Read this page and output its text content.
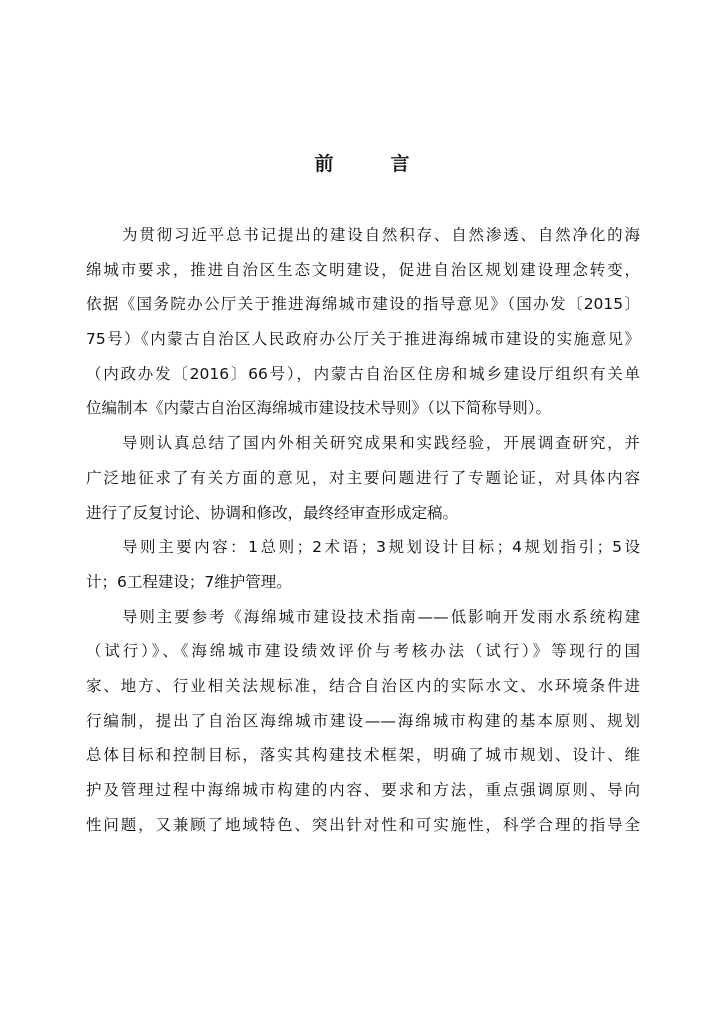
前　　　言
为贯彻习近平总书记提出的建设自然积存、自然渗透、自然净化的海
绵城市要求，推进自治区生态文明建设，促进自治区规划建设理念转变，
依据《国务院办公厅关于推进海绵城市建设的指导意见》（国办发〔2015〕
75号）《内蒙古自治区人民政府办公厅关于推进海绵城市建设的实施意见》
（内政办发〔2016〕66号），内蒙古自治区住房和城乡建设厅组织有关单
位编制本《内蒙古自治区海绵城市建设技术导则》（以下简称导则）。
导则认真总结了国内外相关研究成果和实践经验，开展调查研究，并
广泛地征求了有关方面的意见，对主要问题进行了专题论证，对具体内容
进行了反复讨论、协调和修改，最终经审查形成定稿。
导则主要内容：1总则；2术语；3规划设计目标；4规划指引；5设
计；6工程建设；7维护管理。
导则主要参考《海绵城市建设技术指南——低影响开发雨水系统构建
（试行）》、《海绵城市建设绩效评价与考核办法（试行）》等现行的国
家、地方、行业相关法规标准，结合自治区内的实际水文、水环境条件进
行编制，提出了自治区海绵城市建设——海绵城市构建的基本原则、规划
总体目标和控制目标，落实其构建技术框架，明确了城市规划、设计、维
护及管理过程中海绵城市构建的内容、要求和方法，重点强调原则、导向
性问题，又兼顾了地域特色、突出针对性和可实施性，科学合理的指导全
